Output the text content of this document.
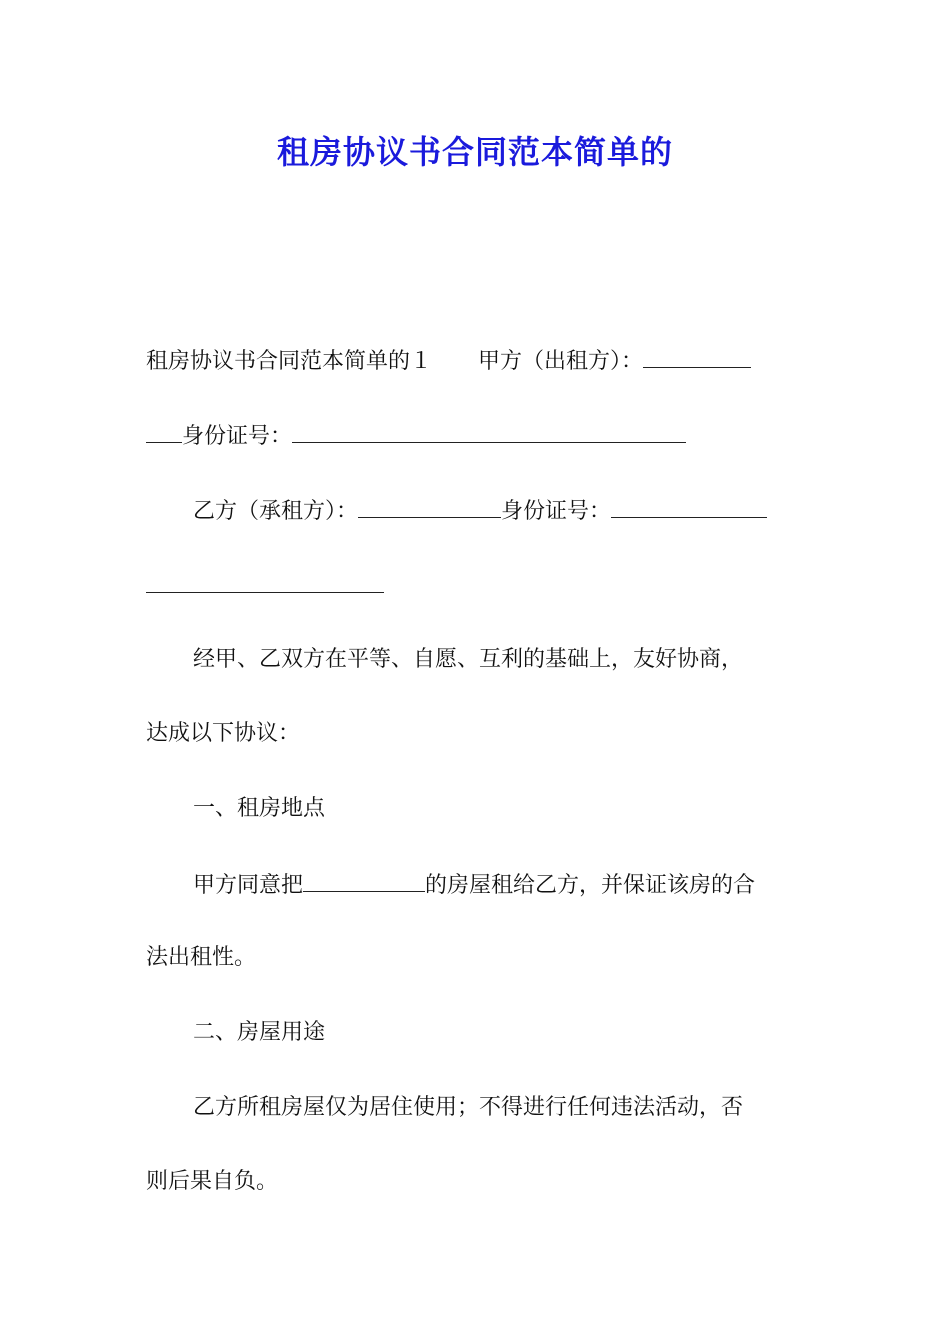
租房协议书合同范本简单的
租房协议书合同范本简单的１ 甲方（出租方）：
身份证号：
乙方（承租方）：	身份证号：
经甲、乙双方在平等、自愿、互利的基础上，友好协商，
达成以下协议：
一、租房地点
甲方同意把	的房屋租给乙方，并保证该房的合
法出租性。
二、房屋用途
乙方所租房屋仅为居住使用；不得进行任何违法活动，否
则后果自负。
